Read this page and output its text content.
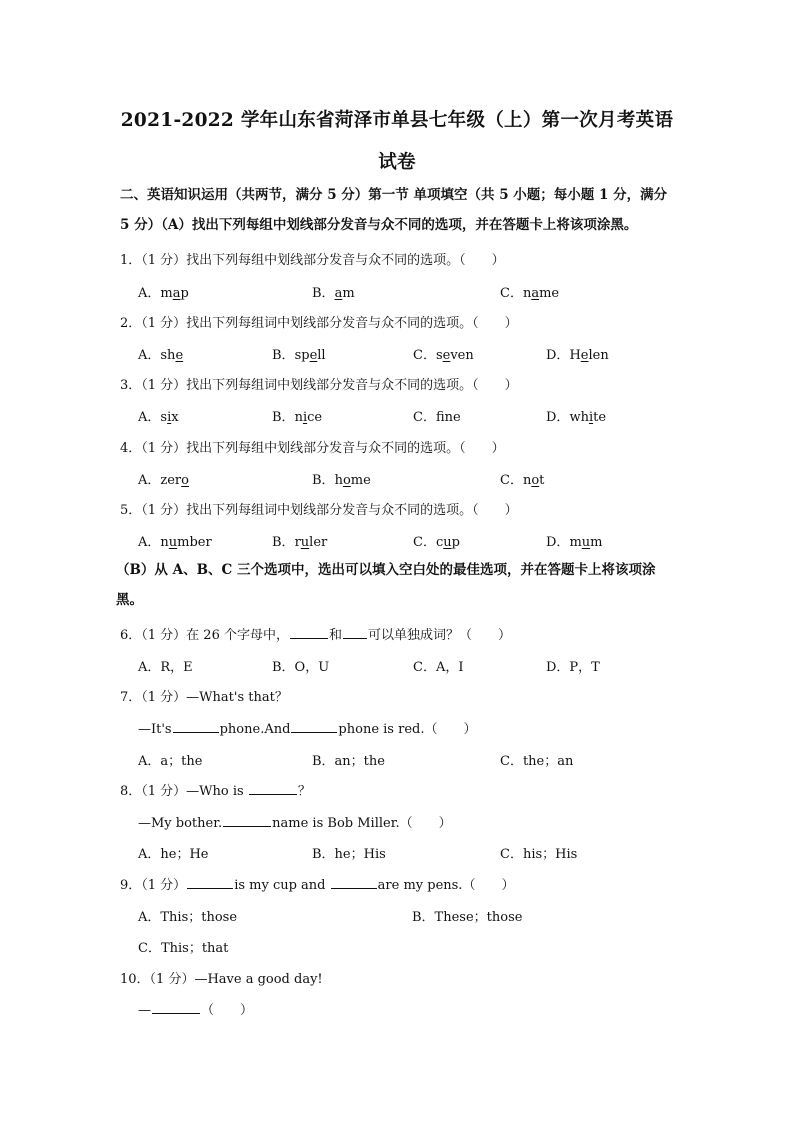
2021-2022 学年山东省菏泽市单县七年级（上）第一次月考英语
试卷
二、英语知识运用（共两节，满分 5 分）第一节 单项填空（共 5 小题；每小题 1 分，满分
5 分）（A）找出下列每组中划线部分发音与众不同的选项，并在答题卡上将该项涂黑。
1．（1 分）找出下列每组中划线部分发音与众不同的选项。（　　）
A．map	B．am	C．name
2．（1 分）找出下列每组词中划线部分发音与众不同的选项。（　　）
A．she	B．spell	C．seven	D．Helen
3．（1 分）找出下列每组词中划线部分发音与众不同的选项。（　　）
A．six	B．nice	C．fne	D．white
4．（1 分）找出下列每组中划线部分发音与众不同的选项。（　　）
A．zero	B．home	C．not
5．（1 分）找出下列每组词中划线部分发音与众不同的选项。（　　）
A．number	B．ruler	C．cup	D．mum
（B）从 A、B、C 三个选项中，选出可以填入空白处的最佳选项，并在答题卡上将该项涂
黑。
6．（1 分）在 26 个字母中，	和 可以单独成词？（　　）
A．R，E	B．O，U	C．A，I	D．P，T
7．（1 分）—What's that？
—It's	phone.And	phone is red.（　　）
A．a；the	B．an；the	C．the；an
8．（1 分）—Who is	？
—My bother.	name is Bob Miller.（　　）
A．he；He	B．he；His	C．his；His
9．（1 分）	is my cup and	are my pens.（　　）
A．This；those	B．These；those
C．This；that
10．（1 分）—Have a good day!
—	（　　）
